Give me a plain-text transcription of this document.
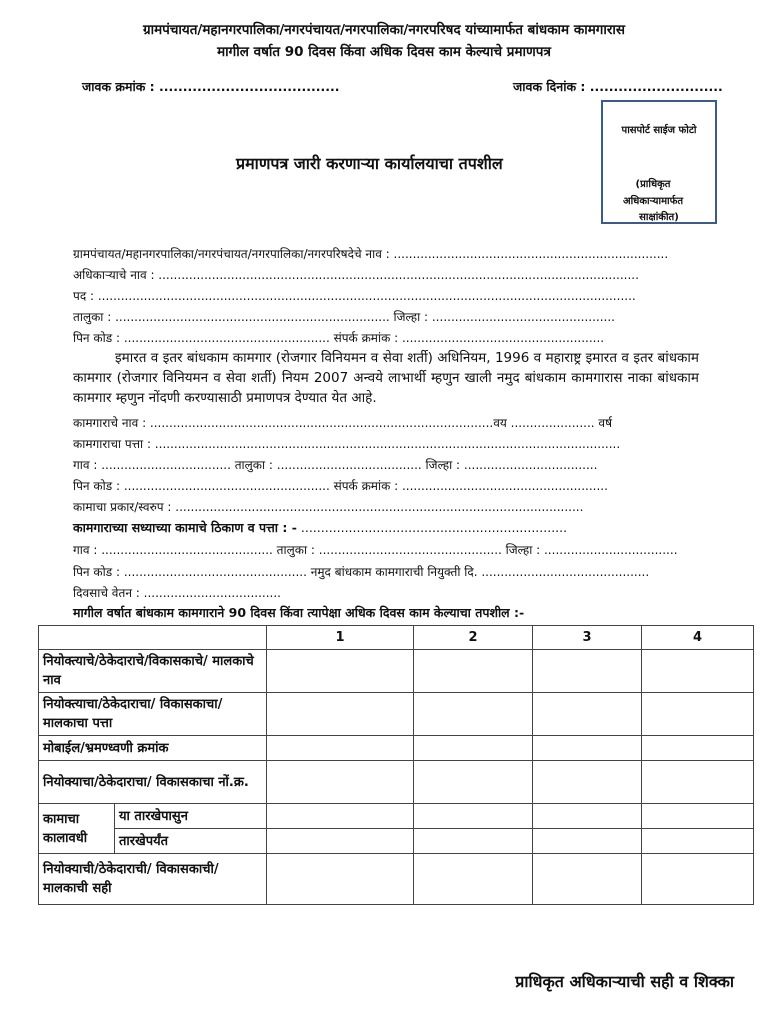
ग्रामपंचायत/महानगरपालिका/नगरपंचायत/नगरपालिका/नगरपरिषद यांच्यामार्फत बांधकाम कामगारास
मागील वर्षात 90 दिवस किंवा अधिक दिवस काम केल्याचे प्रमाणपत्र
जावक क्रमांक : ......................................	जावक दिनांक : ............................
पासपोर्ट साईज फोटो
(प्राधिकृत
अधिकाऱ्यामार्फत
साक्षांकीत)
प्रमाणपत्र जारी करणाऱ्या कार्यालयाचा तपशील
ग्रामपंचायत/महानगरपालिका/नगरपंचायत/नगरपालिका/नगरपरिषदेचे नाव : ........................................................................
अधिकाऱ्याचे नाव : ..............................................................................................................................
पद : .............................................................................................................................................
तालुका : ........................................................................ जिल्हा : ................................................
पिन कोड : ...................................................... संपर्क क्रमांक : .....................................................
इमारत व इतर बांधकाम कामगार (रोजगार विनियमन व सेवा शर्ती) अधिनियम, 1996 व महाराष्ट्र इमारत व इतर बांधकाम कामगार (रोजगार विनियमन व सेवा शर्ती) नियम 2007 अन्वये लाभार्थी म्हणुन खाली नमुद बांधकाम कामगारास नाका बांधकाम कामगार म्हणुन नोंदणी करण्यासाठी प्रमाणपत्र देण्यात येत आहे.
कामगाराचे नाव : ..........................................................................................वय ...................... वर्ष
कामगाराचा पत्ता : ..........................................................................................................................
गाव : .................................. तालुका : ...................................... जिल्हा : ...................................
पिन कोड : ...................................................... संपर्क क्रमांक : ......................................................
कामाचा प्रकार/स्वरुप : ...........................................................................................................
कामगाराच्या सध्याच्या कामाचे ठिकाण व पत्ता : - ...................................................................
गाव : ............................................. तालुका : ................................................ जिल्हा : ...................................
पिन कोड : ................................................ नमुद बांधकाम कामगाराची नियुक्ती दि. ............................................
दिवसाचे वेतन : ....................................
मागील वर्षात बांधकाम कामगाराने 90 दिवस किंवा त्यापेक्षा अधिक दिवस काम केल्याचा तपशील :-
		1	2	3	4
नियोक्त्याचे/ठेकेदाराचे/विकासकाचे/ मालकाचे नाव					
नियोक्त्याचा/ठेकेदाराचा/ विकासकाचा/ मालकाचा पत्ता					
मोबाईल/भ्रमण्ध्वणी क्रमांक					
नियोक्याचा/ठेकेदाराचा/ विकासकाचा नों.क्र.					
कामाचा कालावधी	या तारखेपासुन				
	तारखेपर्यंत				
नियोक्याची/ठेकेदाराची/ विकासकाची/मालकाची सही					
प्राधिकृत अधिकाऱ्याची सही व शिक्का
